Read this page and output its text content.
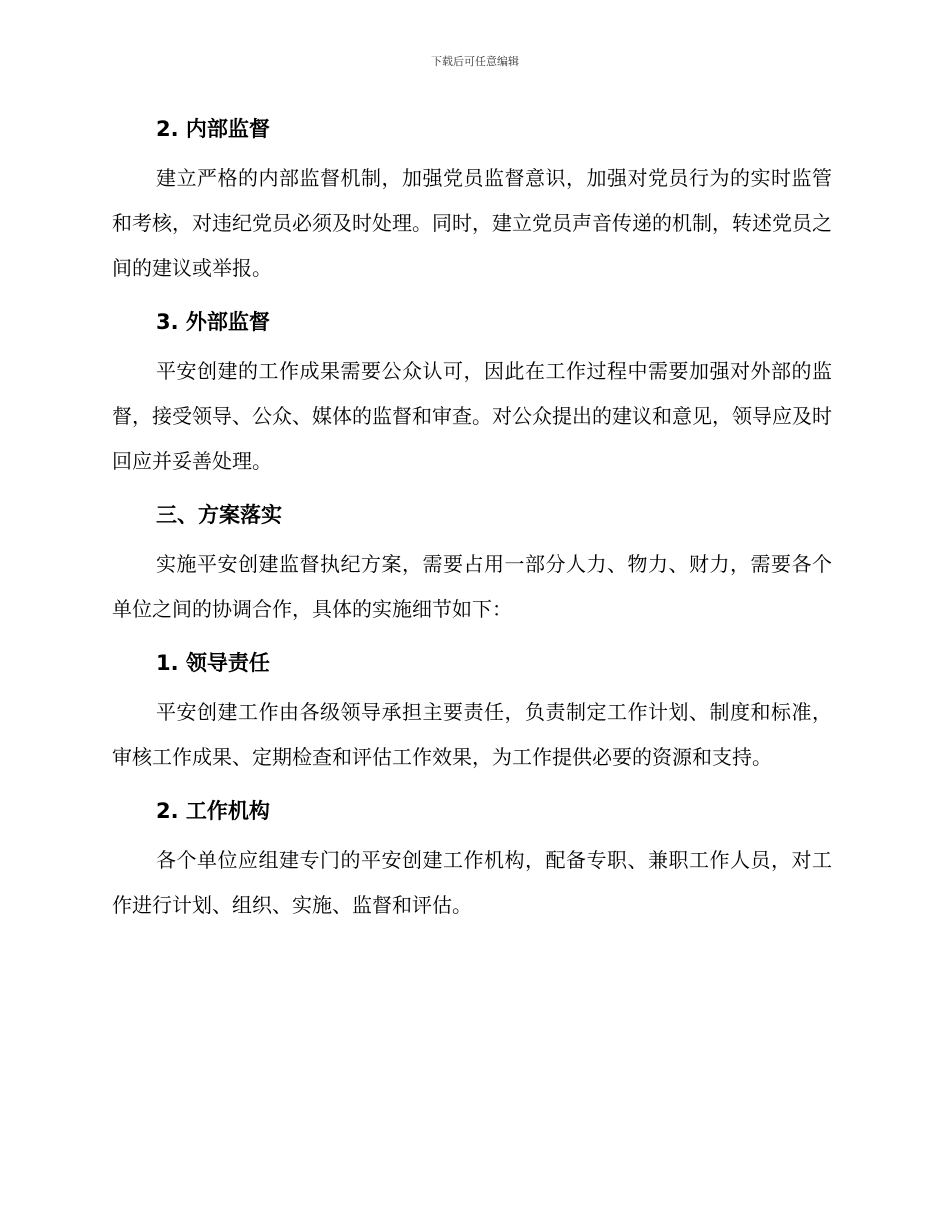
下载后可任意编辑
2. 内部监督

建立严格的内部监督机制，加强党员监督意识，加强对党员行为的实时监管和考核，对违纪党员必须及时处理。同时，建立党员声音传递的机制，转述党员之间的建议或举报。

3. 外部监督

平安创建的工作成果需要公众认可，因此在工作过程中需要加强对外部的监督，接受领导、公众、媒体的监督和审查。对公众提出的建议和意见，领导应及时回应并妥善处理。

三、方案落实

实施平安创建监督执纪方案，需要占用一部分人力、物力、财力，需要各个单位之间的协调合作，具体的实施细节如下：

1. 领导责任

平安创建工作由各级领导承担主要责任，负责制定工作计划、制度和标准，审核工作成果、定期检查和评估工作效果，为工作提供必要的资源和支持。

2. 工作机构

各个单位应组建专门的平安创建工作机构，配备专职、兼职工作人员，对工作进行计划、组织、实施、监督和评估。
